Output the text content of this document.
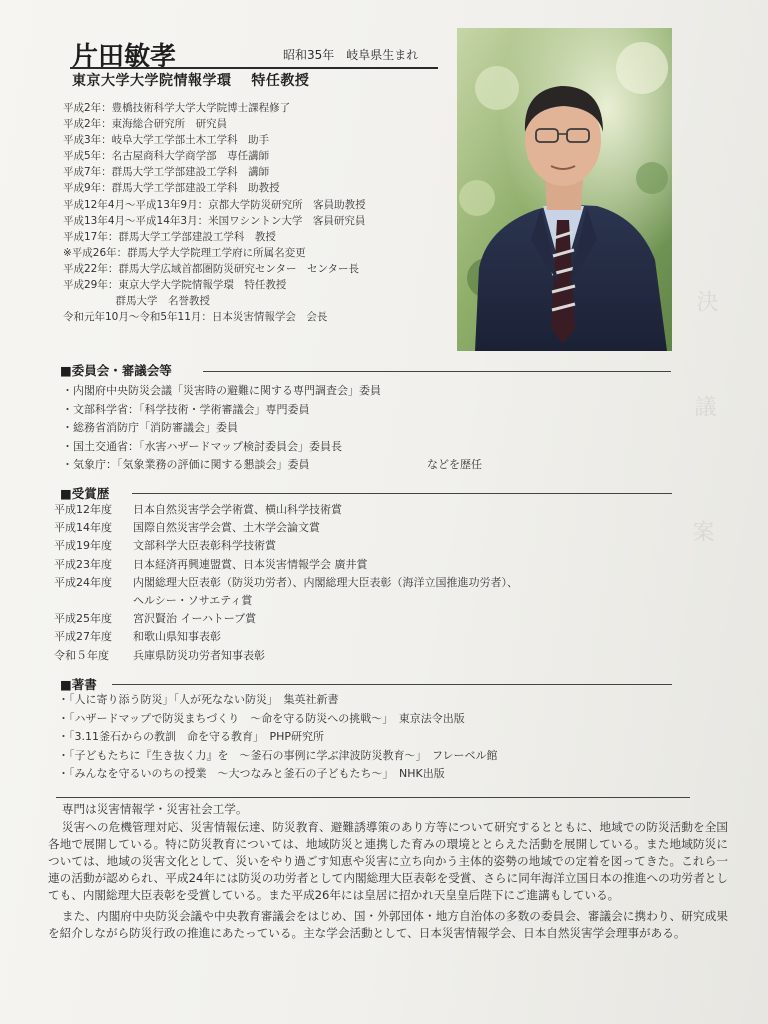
決
議
案
片田敏孝	昭和35年　岐阜県生まれ
東京大学大学院情報学環　 特任教授
平成2年：豊橋技術科学大学大学院博士課程修了
平成2年：東海総合研究所　研究員
平成3年：岐阜大学工学部土木工学科　助手
平成5年：名古屋商科大学商学部　専任講師
平成7年：群馬大学工学部建設工学科　講師
平成9年：群馬大学工学部建設工学科　助教授
平成12年4月〜平成13年9月：京都大学防災研究所　客員助教授
平成13年4月〜平成14年3月：米国ワシントン大学　客員研究員
平成17年：群馬大学工学部建設工学科　教授
※平成26年：群馬大学大学院理工学府に所属名変更
平成22年：群馬大学広域首都圏防災研究センター　センター長
平成29年：東京大学大学院情報学環　特任教授
　　　　　群馬大学　名誉教授
令和元年10月〜令和5年11月：日本災害情報学会　会長
■委員会・審議会等
・内閣府中央防災会議「災害時の避難に関する専門調査会」委員
・文部科学省：「科学技術・学術審議会」専門委員
・総務省消防庁「消防審議会」委員
・国土交通省：「水害ハザードマップ検討委員会」委員長
・気象庁：「気象業務の評価に関する懇談会」委員	などを歴任
■受賞歴
平成12年度	日本自然災害学会学術賞、横山科学技術賞
平成14年度	国際自然災害学会賞、土木学会論文賞
平成19年度	文部科学大臣表彰科学技術賞
平成23年度	日本経済再興連盟賞、日本災害情報学会 廣井賞
平成24年度	内閣総理大臣表彰（防災功労者）、内閣総理大臣表彰（海洋立国推進功労者）、
ヘルシー・ソサエティ賞
平成25年度	宮沢賢治 イーハトーブ賞
平成27年度	和歌山県知事表彰
令和５年度	兵庫県防災功労者知事表彰
■著書
・「人に寄り添う防災」「人が死なない防災」　集英社新書
・「ハザードマップで防災まちづくり　〜命を守る防災への挑戦〜」　東京法令出版
・「3.11釜石からの教訓　命を守る教育」　PHP研究所
・「子どもたちに『生き抜く力』を　〜釜石の事例に学ぶ津波防災教育〜」　フレーベル館
・「みんなを守るいのちの授業　〜大つなみと釜石の子どもたち〜」　NHK出版

専門は災害情報学・災害社会工学。

災害への危機管理対応、災害情報伝達、防災教育、避難誘導策のあり方等について研究するとともに、地域での防災活動を全国各地で展開している。特に防災教育については、地域防災と連携した育みの環境ととらえた活動を展開している。また地域防災については、地域の災害文化として、災いをやり過ごす知恵や災害に立ち向かう主体的姿勢の地域での定着を図ってきた。これら一連の活動が認められ、平成24年には防災の功労者として内閣総理大臣表彰を受賞、さらに同年海洋立国日本の推進への功労者としても、内閣総理大臣表彰を受賞している。また平成26年には皇居に招かれ天皇皇后陛下にご進講もしている。

また、内閣府中央防災会議や中央教育審議会をはじめ、国・外郭団体・地方自治体の多数の委員会、審議会に携わり、研究成果を紹介しながら防災行政の推進にあたっている。主な学会活動として、日本災害情報学会、日本自然災害学会理事がある。
